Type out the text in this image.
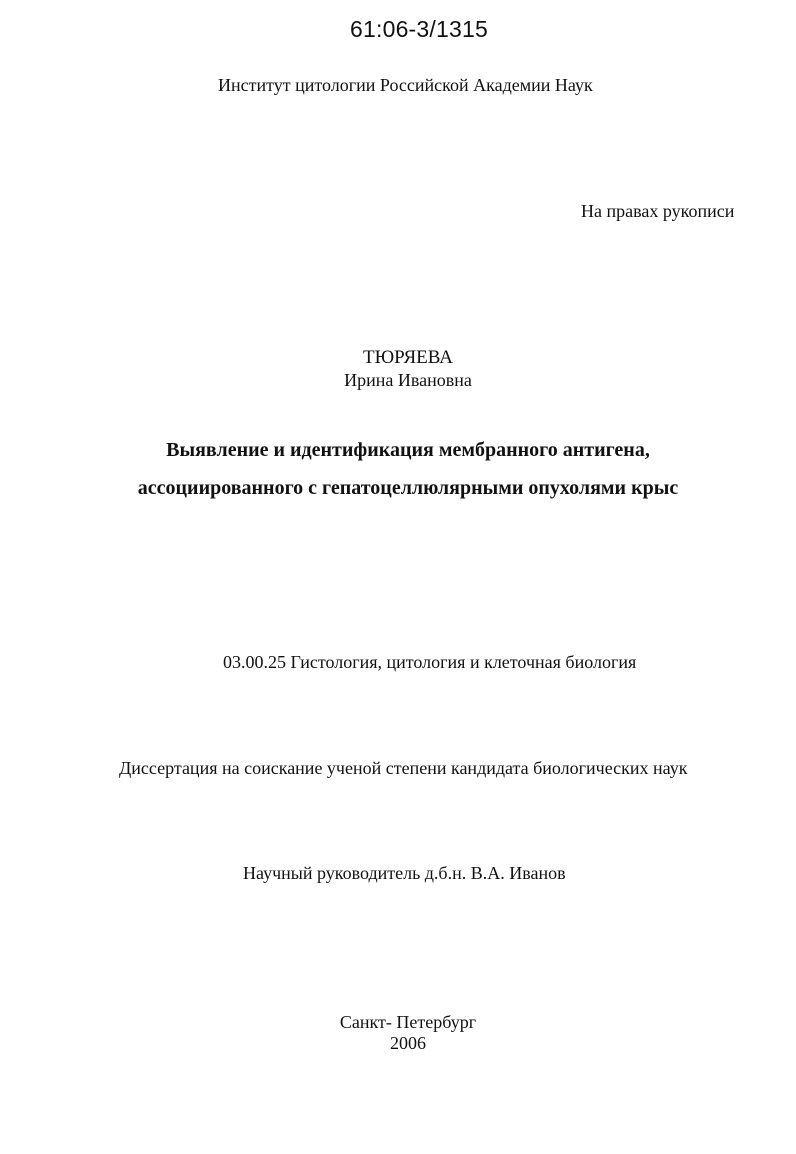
61:06-3/1315
Институт цитологии Российской Академии Наук
На правах рукописи
ТЮРЯЕВА
Ирина Ивановна
Выявление и идентификация мембранного антигена,
ассоциированного с гепатоцеллюлярными опухолями крыс
03.00.25 Гистология, цитология и клеточная биология
Диссертация на соискание ученой степени кандидата биологических наук
Научный руководитель д.б.н. В.А. Иванов
Санкт- Петербург
2006
